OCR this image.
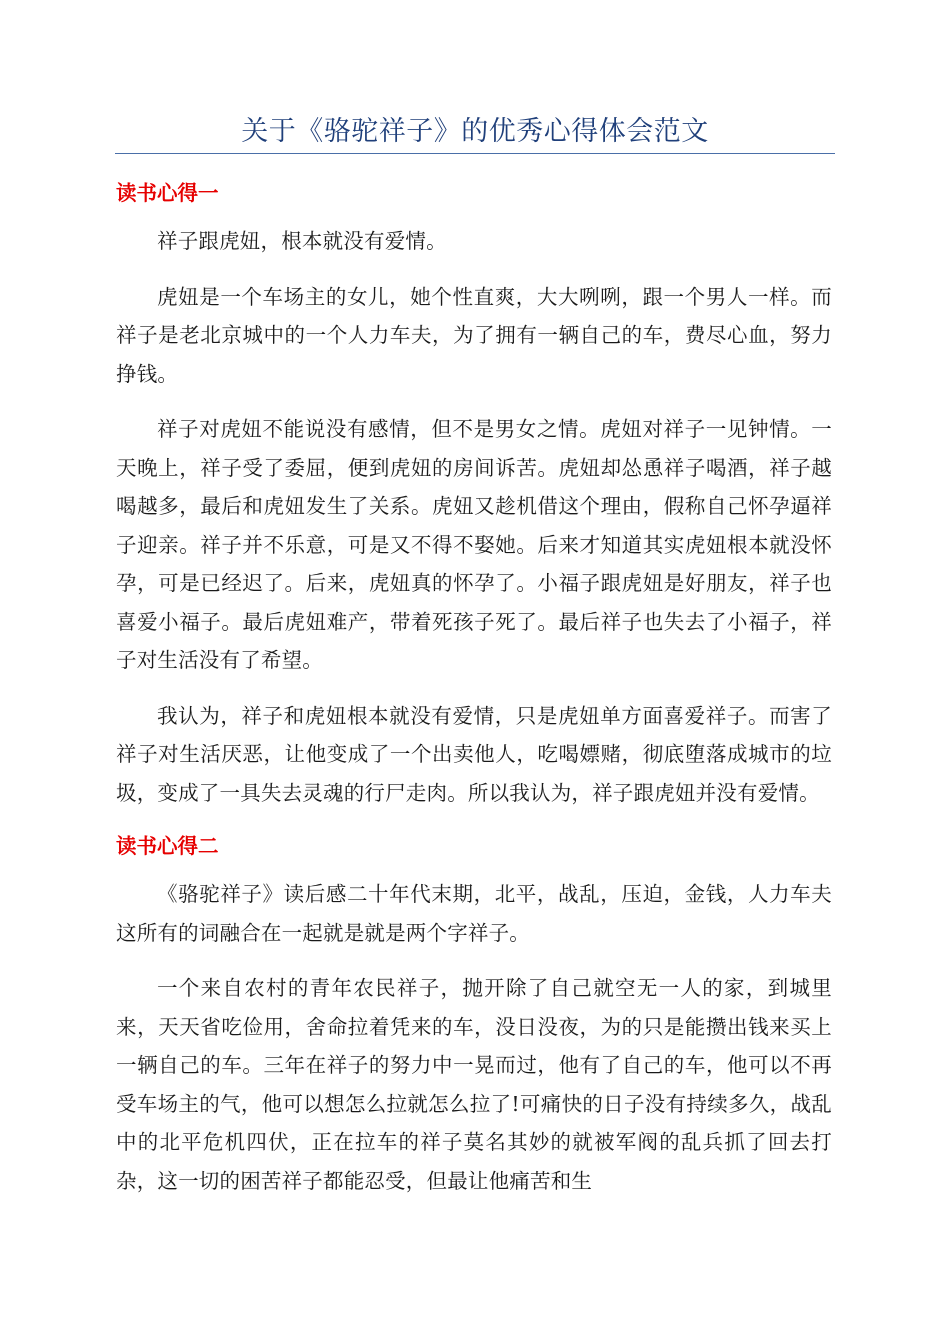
关于《骆驼祥子》的优秀心得体会范文
读书心得一

祥子跟虎妞，根本就没有爱情。

虎妞是一个车场主的女儿，她个性直爽，大大咧咧，跟一个男人一样。而祥子是老北京城中的一个人力车夫，为了拥有一辆自己的车，费尽心血，努力挣钱。

祥子对虎妞不能说没有感情，但不是男女之情。虎妞对祥子一见钟情。一天晚上，祥子受了委屈，便到虎妞的房间诉苦。虎妞却怂恿祥子喝酒，祥子越喝越多，最后和虎妞发生了关系。虎妞又趁机借这个理由，假称自己怀孕逼祥子迎亲。祥子并不乐意，可是又不得不娶她。后来才知道其实虎妞根本就没怀孕，可是已经迟了。后来，虎妞真的怀孕了。小福子跟虎妞是好朋友，祥子也喜爱小福子。最后虎妞难产，带着死孩子死了。最后祥子也失去了小福子，祥子对生活没有了希望。

我认为，祥子和虎妞根本就没有爱情，只是虎妞单方面喜爱祥子。而害了祥子对生活厌恶，让他变成了一个出卖他人，吃喝嫖赌，彻底堕落成城市的垃圾，变成了一具失去灵魂的行尸走肉。所以我认为，祥子跟虎妞并没有爱情。

读书心得二

《骆驼祥子》读后感二十年代末期，北平，战乱，压迫，金钱，人力车夫这所有的词融合在一起就是就是两个字祥子。

一个来自农村的青年农民祥子，抛开除了自己就空无一人的家，到城里来，天天省吃俭用，舍命拉着凭来的车，没日没夜，为的只是能攒出钱来买上一辆自己的车。三年在祥子的努力中一晃而过，他有了自己的车，他可以不再受车场主的气，他可以想怎么拉就怎么拉了!可痛快的日子没有持续多久，战乱中的北平危机四伏，正在拉车的祥子莫名其妙的就被军阀的乱兵抓了回去打杂，这一切的困苦祥子都能忍受，但最让他痛苦和生
